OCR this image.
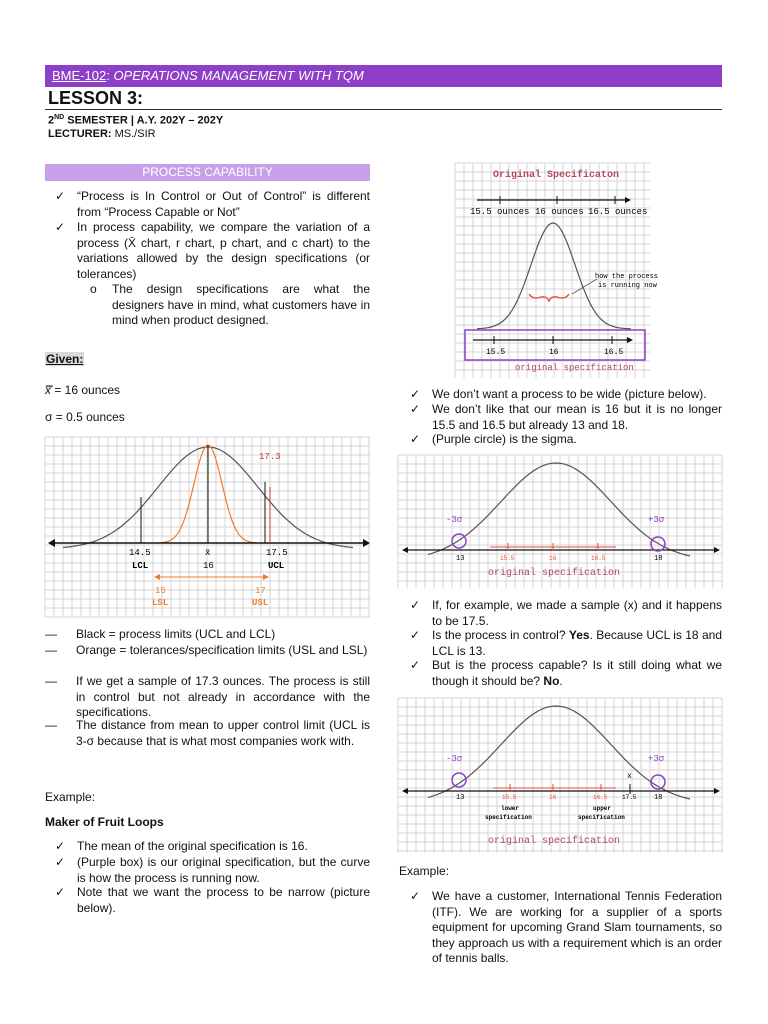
BME-102: OPERATIONS MANAGEMENT WITH TQM
LESSON 3:
2ND SEMESTER | A.Y. 202Y – 202Y
LECTURER: MS./SIR
PROCESS CAPABILITY
✓ “Process is In Control or Out of Control” is different from “Process Capable or Not”
✓ In process capability, we compare the variation of a process (X̄ chart, r chart, p chart, and c chart) to the variations allowed by the design specifications (or tolerances)
o The design specifications are what the designers have in mind, what customers have in mind when product designed.
Given:
x̿ = 16 ounces
σ = 0.5 ounces
17.3
14.5	x̄	17.5
LCL	16	UCL
15	17
LSL	USL
— Black = process limits (UCL and LCL)
— Orange = tolerances/specification limits (USL and LSL)
— If we get a sample of 17.3 ounces. The process is still in control but not already in accordance with the specifications.
— The distance from mean to upper control limit (UCL is 3-σ because that is what most companies work with.
Example:
Maker of Fruit Loops
✓ The mean of the original specification is 16.
✓ (Purple box) is our original specification, but the curve is how the process is running now.
✓ Note that we want the process to be narrow (picture below).
Original Specificaton
15.5 ounces 16 ounces 16.5 ounces
how the process
is running now
15.5	16	16.5
original specification
✓ We don’t want a process to be wide (picture below).
✓ We don’t like that our mean is 16 but it is no longer 15.5 and 16.5 but already 13 and 18.
✓ (Purple circle) is the sigma.
-3σ	+3σ
13	18
15.5	16	16.5
original specification
✓ If, for example, we made a sample (x) and it happens to be 17.5.
✓ Is the process in control? Yes. Because UCL is 18 and LCL is 13.
✓ But is the process capable? Is it still doing what we though it should be? No.
-3σ	+3σ
13	18
15.5	16	16.5
x
17.5
lower
specification
upper
specification
original specification
Example:
✓ We have a customer, International Tennis Federation (ITF). We are working for a supplier of a sports equipment for upcoming Grand Slam tournaments, so they approach us with a requirement which is an order of tennis balls.
